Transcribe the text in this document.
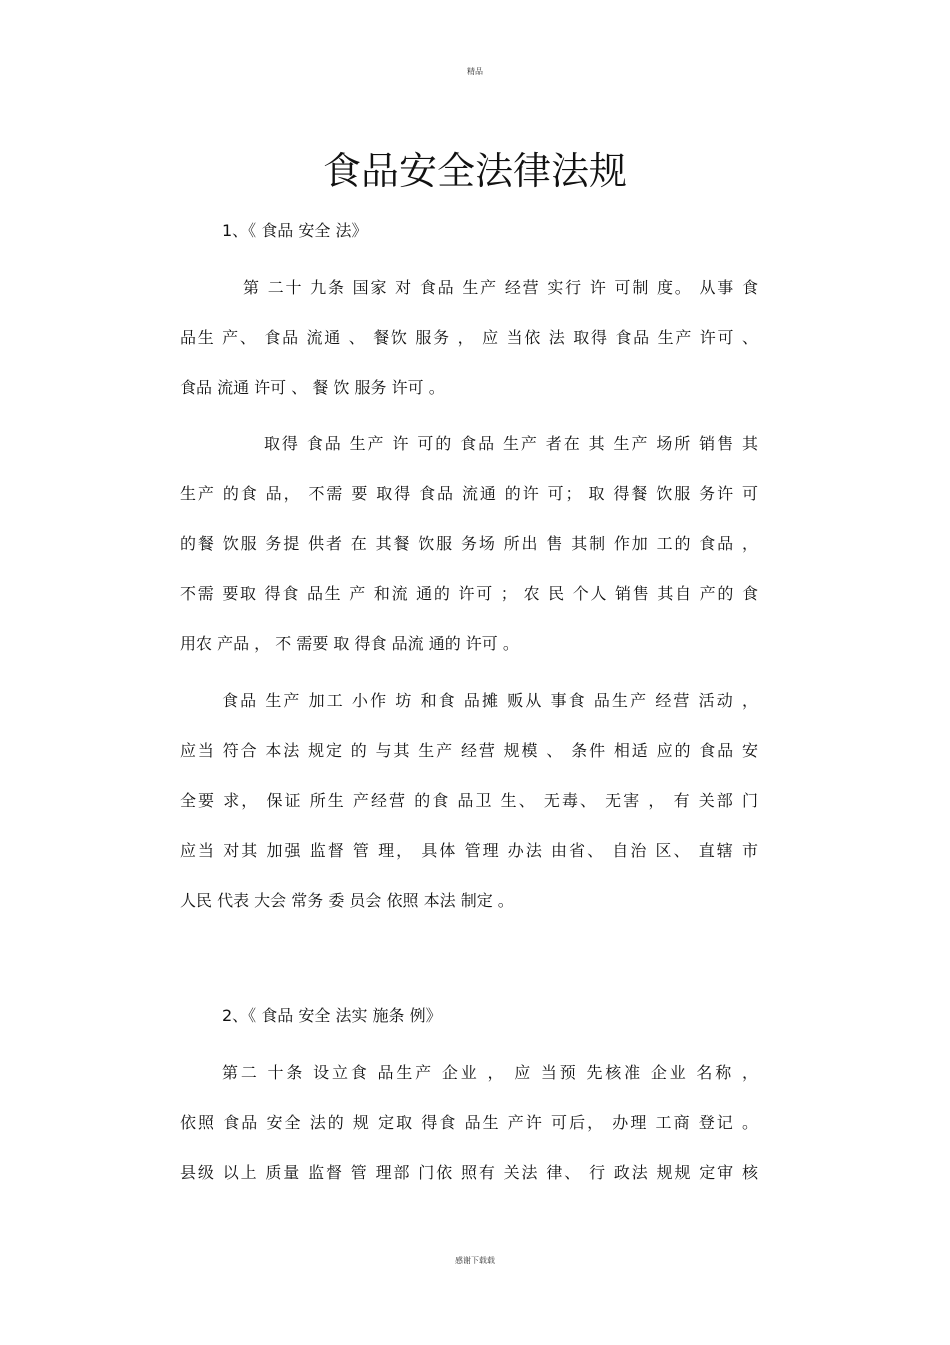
精品
食品安全法律法规
1、《 食品 安全 法》
第 二十 九条 国家 对 食品 生产 经营 实行 许 可制 度。 从事 食
品生 产、 食品 流通 、 餐饮 服务 ， 应 当依 法 取得 食品 生产 许可 、
食品 流通 许可 、 餐 饮 服务 许可 。
取得 食品 生产 许 可的 食品 生产 者在 其 生产 场所 销售 其
生产 的食 品， 不需 要 取得 食品 流通 的许 可； 取 得餐 饮服 务许 可
的餐 饮服 务提 供者 在 其餐 饮服 务场 所出 售 其制 作加 工的 食品 ，
不需 要取 得食 品生 产 和流 通的 许可 ； 农 民 个人 销售 其自 产的 食
用农 产品 ， 不 需要 取 得食 品流 通的 许可 。
食品 生产 加工 小作 坊 和食 品摊 贩从 事食 品生产 经营 活动 ，
应当 符合 本法 规定 的 与其 生产 经营 规模 、 条件 相适 应的 食品 安
全要 求， 保证 所生 产经营 的食 品卫 生、 无毒、 无害 ， 有 关部 门
应当 对其 加强 监督 管 理， 具体 管理 办法 由省、 自治 区、 直辖 市
人民 代表 大会 常务 委 员会 依照 本法 制定 。
2、《 食品 安全 法实 施条 例》
第二 十条 设立食 品生产 企业 ， 应 当预 先核准 企业 名称 ，
依照 食品 安全 法的 规 定取 得食 品生 产许 可后， 办理 工商 登记 。
县级 以上 质量 监督 管 理部 门依 照有 关法 律、 行 政法 规规 定审 核
感谢下载载
